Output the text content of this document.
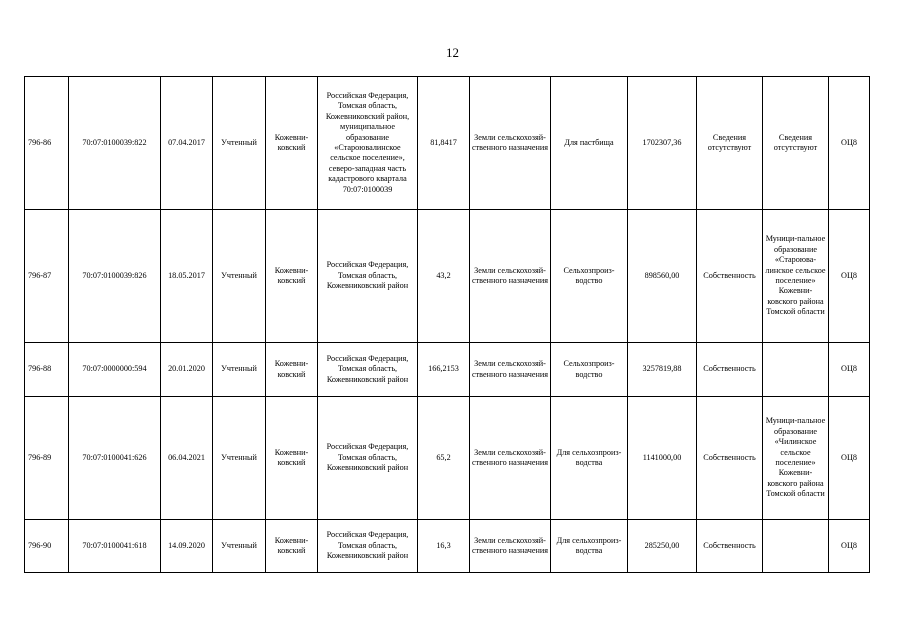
12
796-86	70:07:0100039:822	07.04.2017	Учтенный	Кожевни-ковский	Российская Федерация, Томская область, Кожевниковский район, муниципальное образование «Староювалинское сельское поселение», северо-западная часть кадастрового квартала 70:07:0100039	81,8417	Земли сельскохозяй-ственного назначения	Для пастбища	1702307,36	Сведения отсутствуют	Сведения отсутствуют	ОЦ8
796-87	70:07:0100039:826	18.05.2017	Учтенный	Кожевни-ковский	Российская Федерация, Томская область, Кожевниковский район	43,2	Земли сельскохозяй-ственного назначения	Сельхозпроиз-водство	898560,00	Собственность	Муници-пальное образование «Староюва-линское сельское поселение» Кожевни-ковского района Томской области	ОЦ8
796-88	70:07:0000000:594	20.01.2020	Учтенный	Кожевни-ковский	Российская Федерация, Томская область, Кожевниковский район	166,2153	Земли сельскохозяй-ственного назначения	Сельхозпроиз-водство	3257819,88	Собственность		ОЦ8
796-89	70:07:0100041:626	06.04.2021	Учтенный	Кожевни-ковский	Российская Федерация, Томская область, Кожевниковский район	65,2	Земли сельскохозяй-ственного назначения	Для сельхозпроиз-водства	1141000,00	Собственность	Муници-пальное образование «Чилинское сельское поселение» Кожевни-ковского района Томской области	ОЦ8
796-90	70:07:0100041:618	14.09.2020	Учтенный	Кожевни-ковский	Российская Федерация, Томская область, Кожевниковский район	16,3	Земли сельскохозяй-ственного назначения	Для сельхозпроиз-водства	285250,00	Собственность		ОЦ8
